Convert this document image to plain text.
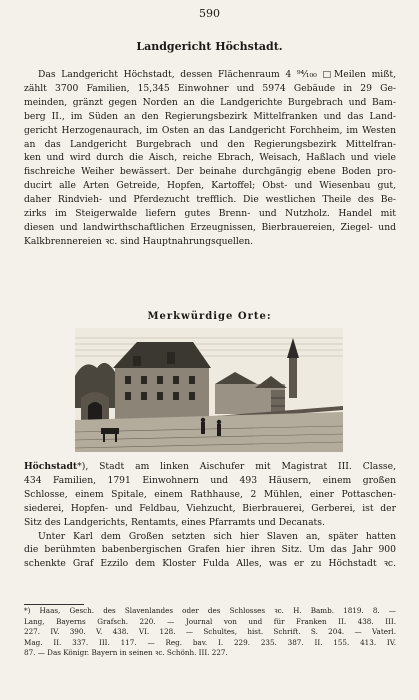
590
Landgericht Höchstadt.

Das Landgericht Höchstadt, dessen Flächenraum 4 ⁹⁴⁄₁₀₀ □Meilen mißt,
zählt 3700 Familien, 15,345 Einwohner und 5974 Gebäude in 29 Ge-
meinden, gränzt gegen Norden an die Landgerichte Burgebrach und Bam-
berg II., im Süden an den Regierungsbezirk Mittelfranken und das Land-
gericht Herzogenaurach, im Osten an das Landgericht Forchheim, im Westen
an das Landgericht Burgebrach und den Regierungsbezirk Mittelfran-
ken und wird durch die Aisch, reiche Ebrach, Weisach, Haßlach und viele
fischreiche Weiher bewässert. Der beinahe durchgängig ebene Boden pro-
ducirt alle Arten Getreide, Hopfen, Kartoffel; Obst- und Wiesenbau gut,
daher Rindvieh- und Pferdezucht trefflich. Die westlichen Theile des Be-
zirks im Steigerwalde liefern gutes Brenn- und Nutzholz. Handel mit
diesen und landwirthschaftlichen Erzeugnissen, Bierbrauereien, Ziegel- und
Kalkbrennereien ꝛc. sind Hauptnahrungsquellen.

Merkwürdige Orte:

Höchstadt*), Stadt am linken Aischufer mit Magistrat III. Classe,
434 Familien, 1791 Einwohnern und 493 Häusern, einem großen
Schlosse, einem Spitale, einem Rathhause, 2 Mühlen, einer Pottaschen-
siederei, Hopfen- und Feldbau, Viehzucht, Bierbrauerei, Gerberei, ist der
Sitz des Landgerichts, Rentamts, eines Pfarramts und Decanats.
Unter Karl dem Großen setzten sich hier Slaven an, später hatten
die berühmten babenbergischen Grafen hier ihren Sitz. Um das Jahr 900
schenkte Graf Ezzilo dem Kloster Fulda Alles, was er zu Höchstadt ꝛc.

*) Haas, Gesch. des Slavenlandes oder des Schlosses ꝛc. H. Bamb. 1819. 8. —
Lang, Bayerns Grafsch. 220. — Journal von und für Franken II. 438. III.
227. IV. 390. V. 438. VI. 128. — Schultes, hist. Schrift. S. 204. — Vaterl.
Mag. II. 337. III. 117. — Reg. bav. I. 229. 235. 387. II. 155. 413. IV.
87. — Das Königr. Bayern in seinen ꝛc. Schönh. III. 227.
